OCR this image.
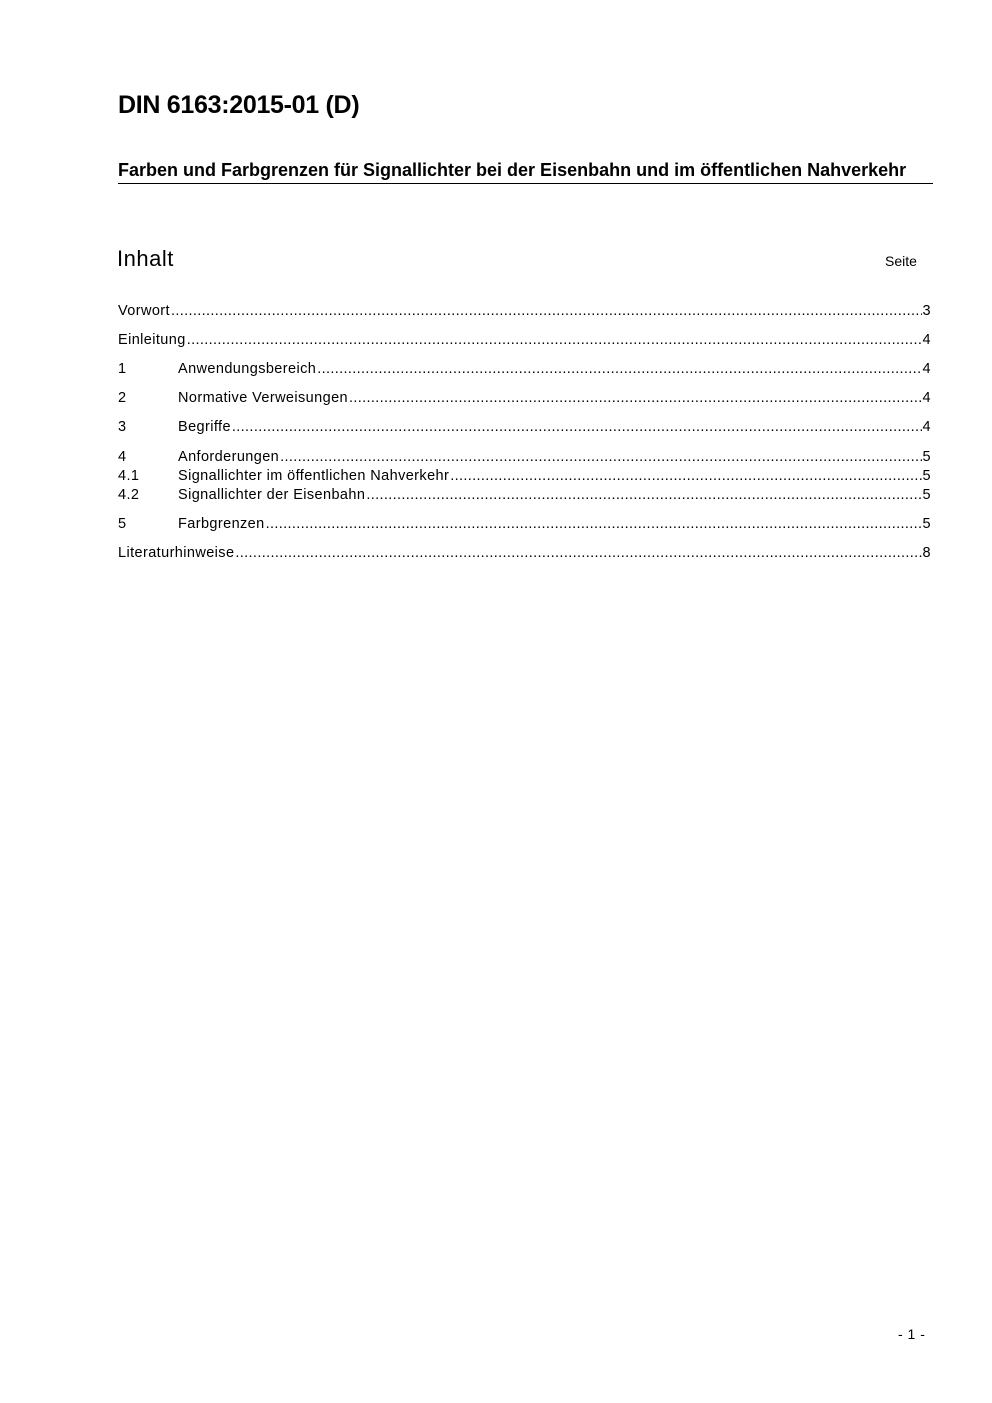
DIN 6163:2015-01 (D)
Farben und Farbgrenzen für Signallichter bei der Eisenbahn und im öffentlichen Nahverkehr
Inhalt	Seite
Vorwort .....	3
Einleitung .....	4
1	Anwendungsbereich .....	4
2	Normative Verweisungen .....	4
3	Begriffe .....	4
4	Anforderungen .....	5
4.1	Signallichter im öffentlichen Nahverkehr .....	5
4.2	Signallichter der Eisenbahn .....	5
5	Farbgrenzen .....	5
Literaturhinweise .....	8
- 1 -
